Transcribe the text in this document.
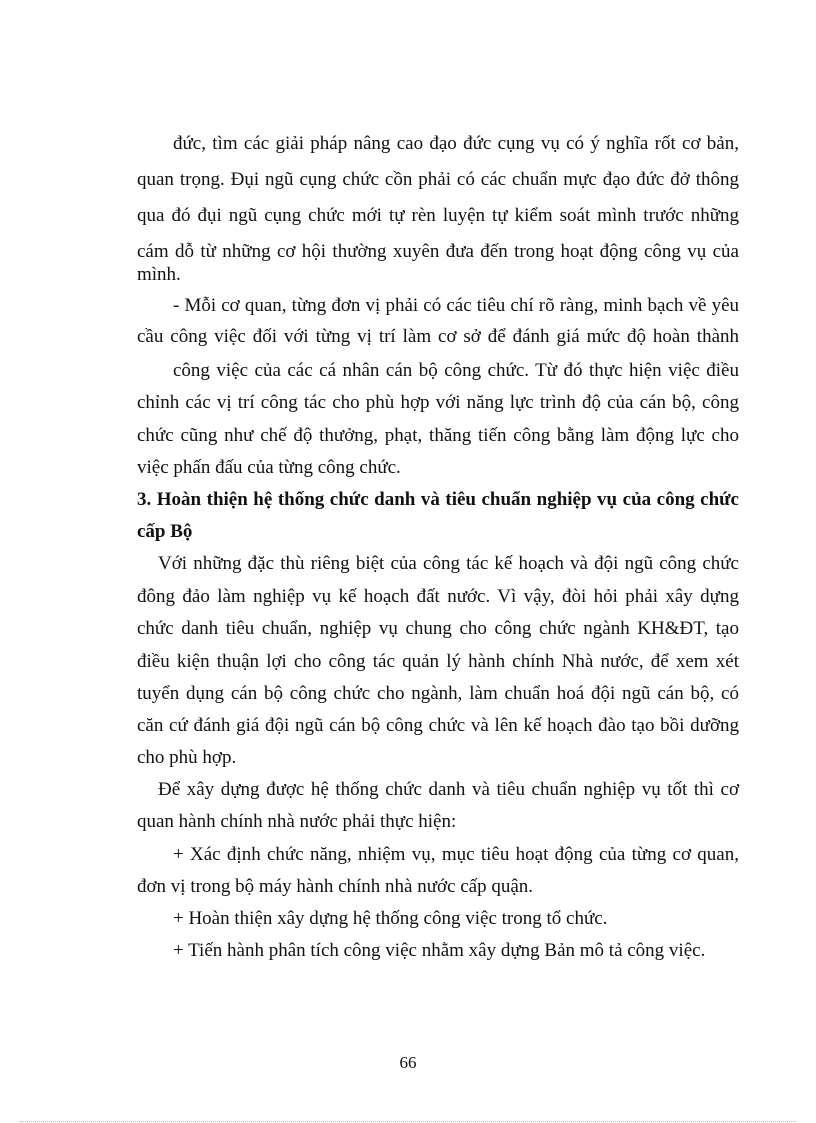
đức, tìm các giải pháp nâng cao đạo đức cụng vụ có ý nghĩa rốt cơ bản,
quan trọng. Đụi ngũ cụng chức cồn phải có các chuẩn mực đạo đức đở thông
qua đó đụi ngũ cụng chức mới tự rèn luyện tự kiểm soát mình trước những
cám dỗ từ những cơ hội thường xuyên đưa đến trong hoạt động công vụ của
mình.
- Mỗi cơ quan, từng đơn vị phải có các tiêu chí rõ ràng, minh bạch về yêu
cầu công việc đối với từng vị trí làm cơ sở để đánh giá mức độ hoàn thành
công việc của các cá nhân cán bộ công chức. Từ đó thực hiện việc điều
chỉnh các vị trí công tác cho phù hợp với năng lực trình độ của cán bộ, công
chức cũng như chế độ thưởng, phạt, thăng tiến công bằng làm động lực cho
việc phấn đấu của từng công chức.
3. Hoàn thiện hệ thống chức danh và tiêu chuẩn nghiệp vụ của công chức
cấp Bộ
Với những đặc thù riêng biệt của công tác kế hoạch và đội ngũ công chức
đông đảo làm nghiệp vụ kế hoạch đất nước. Vì vậy, đòi hỏi phải xây dựng
chức danh tiêu chuẩn, nghiệp vụ chung cho công chức ngành KH&ĐT, tạo
điều kiện thuận lợi cho công tác quản lý hành chính Nhà nước, để xem xét
tuyển dụng cán bộ công chức cho ngành, làm chuẩn hoá đội ngũ cán bộ, có
căn cứ đánh giá đội ngũ cán bộ công chức và lên kế hoạch đào tạo bồi dưỡng
cho phù hợp.
Để xây dựng được hệ thống chức danh và tiêu chuẩn nghiệp vụ tốt thì cơ
quan hành chính nhà nước phải thực hiện:
+ Xác định chức năng, nhiệm vụ, mục tiêu hoạt động của từng cơ quan,
đơn vị trong bộ máy hành chính nhà nước cấp quận.
+ Hoàn thiện xây dựng hệ thống công việc trong tổ chức.
+ Tiến hành phân tích công việc nhằm xây dựng Bản mô tả công việc.
66
